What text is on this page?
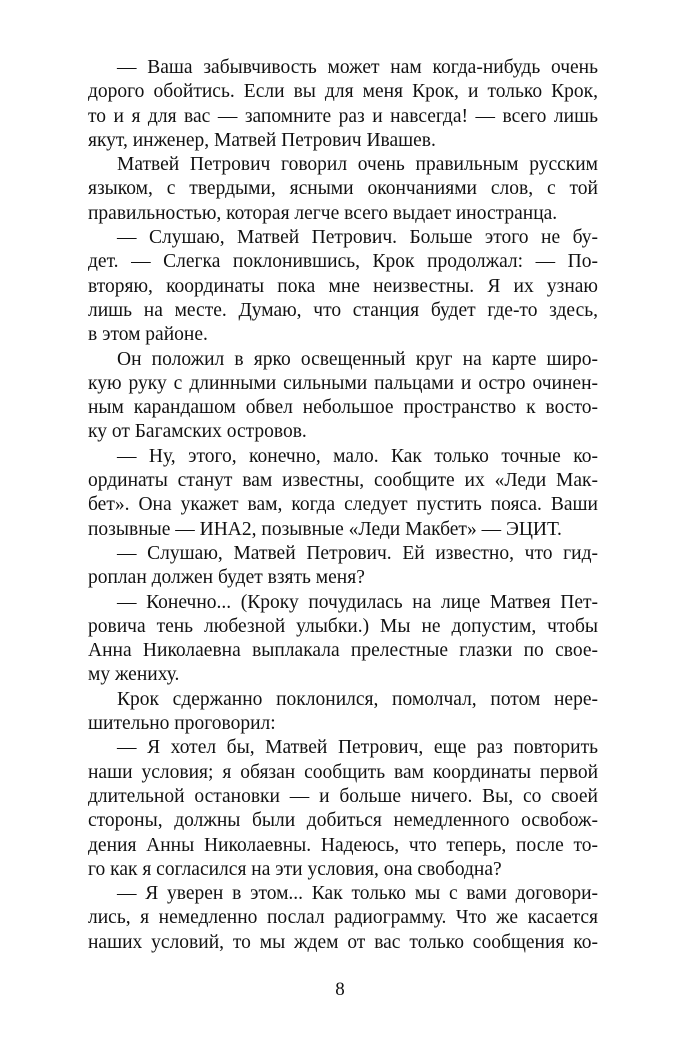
— Ваша забывчивость может нам когда-нибудь очень
дорого обойтись. Если вы для меня Крок, и только Крок,
то и я для вас — запомните раз и навсегда! — всего лишь
якут, инженер, Матвей Петрович Ивашев.
Матвей Петрович говорил очень правильным русским
языком, с твердыми, ясными окончаниями слов, с той
правильностью, которая легче всего выдает иностранца.
— Слушаю, Матвей Петрович. Больше этого не бу-
дет. — Слегка поклонившись, Крок продолжал: — По-
вторяю, координаты пока мне неизвестны. Я их узнаю
лишь на месте. Думаю, что станция будет где-то здесь,
в этом районе.
Он положил в ярко освещенный круг на карте широ-
кую руку с длинными сильными пальцами и остро очинен-
ным карандашом обвел небольшое пространство к восто-
ку от Багамских островов.
— Ну, этого, конечно, мало. Как только точные ко-
ординаты станут вам известны, сообщите их «Леди Мак-
бет». Она укажет вам, когда следует пустить пояса. Ваши
позывные — ИНА2, позывные «Леди Макбет» — ЭЦИТ.
— Слушаю, Матвей Петрович. Ей известно, что гид-
роплан должен будет взять меня?
— Конечно... (Кроку почудилась на лице Матвея Пет-
ровича тень любезной улыбки.) Мы не допустим, чтобы
Анна Николаевна выплакала прелестные глазки по свое-
му жениху.
Крок сдержанно поклонился, помолчал, потом нере-
шительно проговорил:
— Я хотел бы, Матвей Петрович, еще раз повторить
наши условия; я обязан сообщить вам координаты первой
длительной остановки — и больше ничего. Вы, со своей
стороны, должны были добиться немедленного освобож-
дения Анны Николаевны. Надеюсь, что теперь, после то-
го как я согласился на эти условия, она свободна?
— Я уверен в этом... Как только мы с вами договори-
лись, я немедленно послал радиограмму. Что же касается
наших условий, то мы ждем от вас только сообщения ко-
8
